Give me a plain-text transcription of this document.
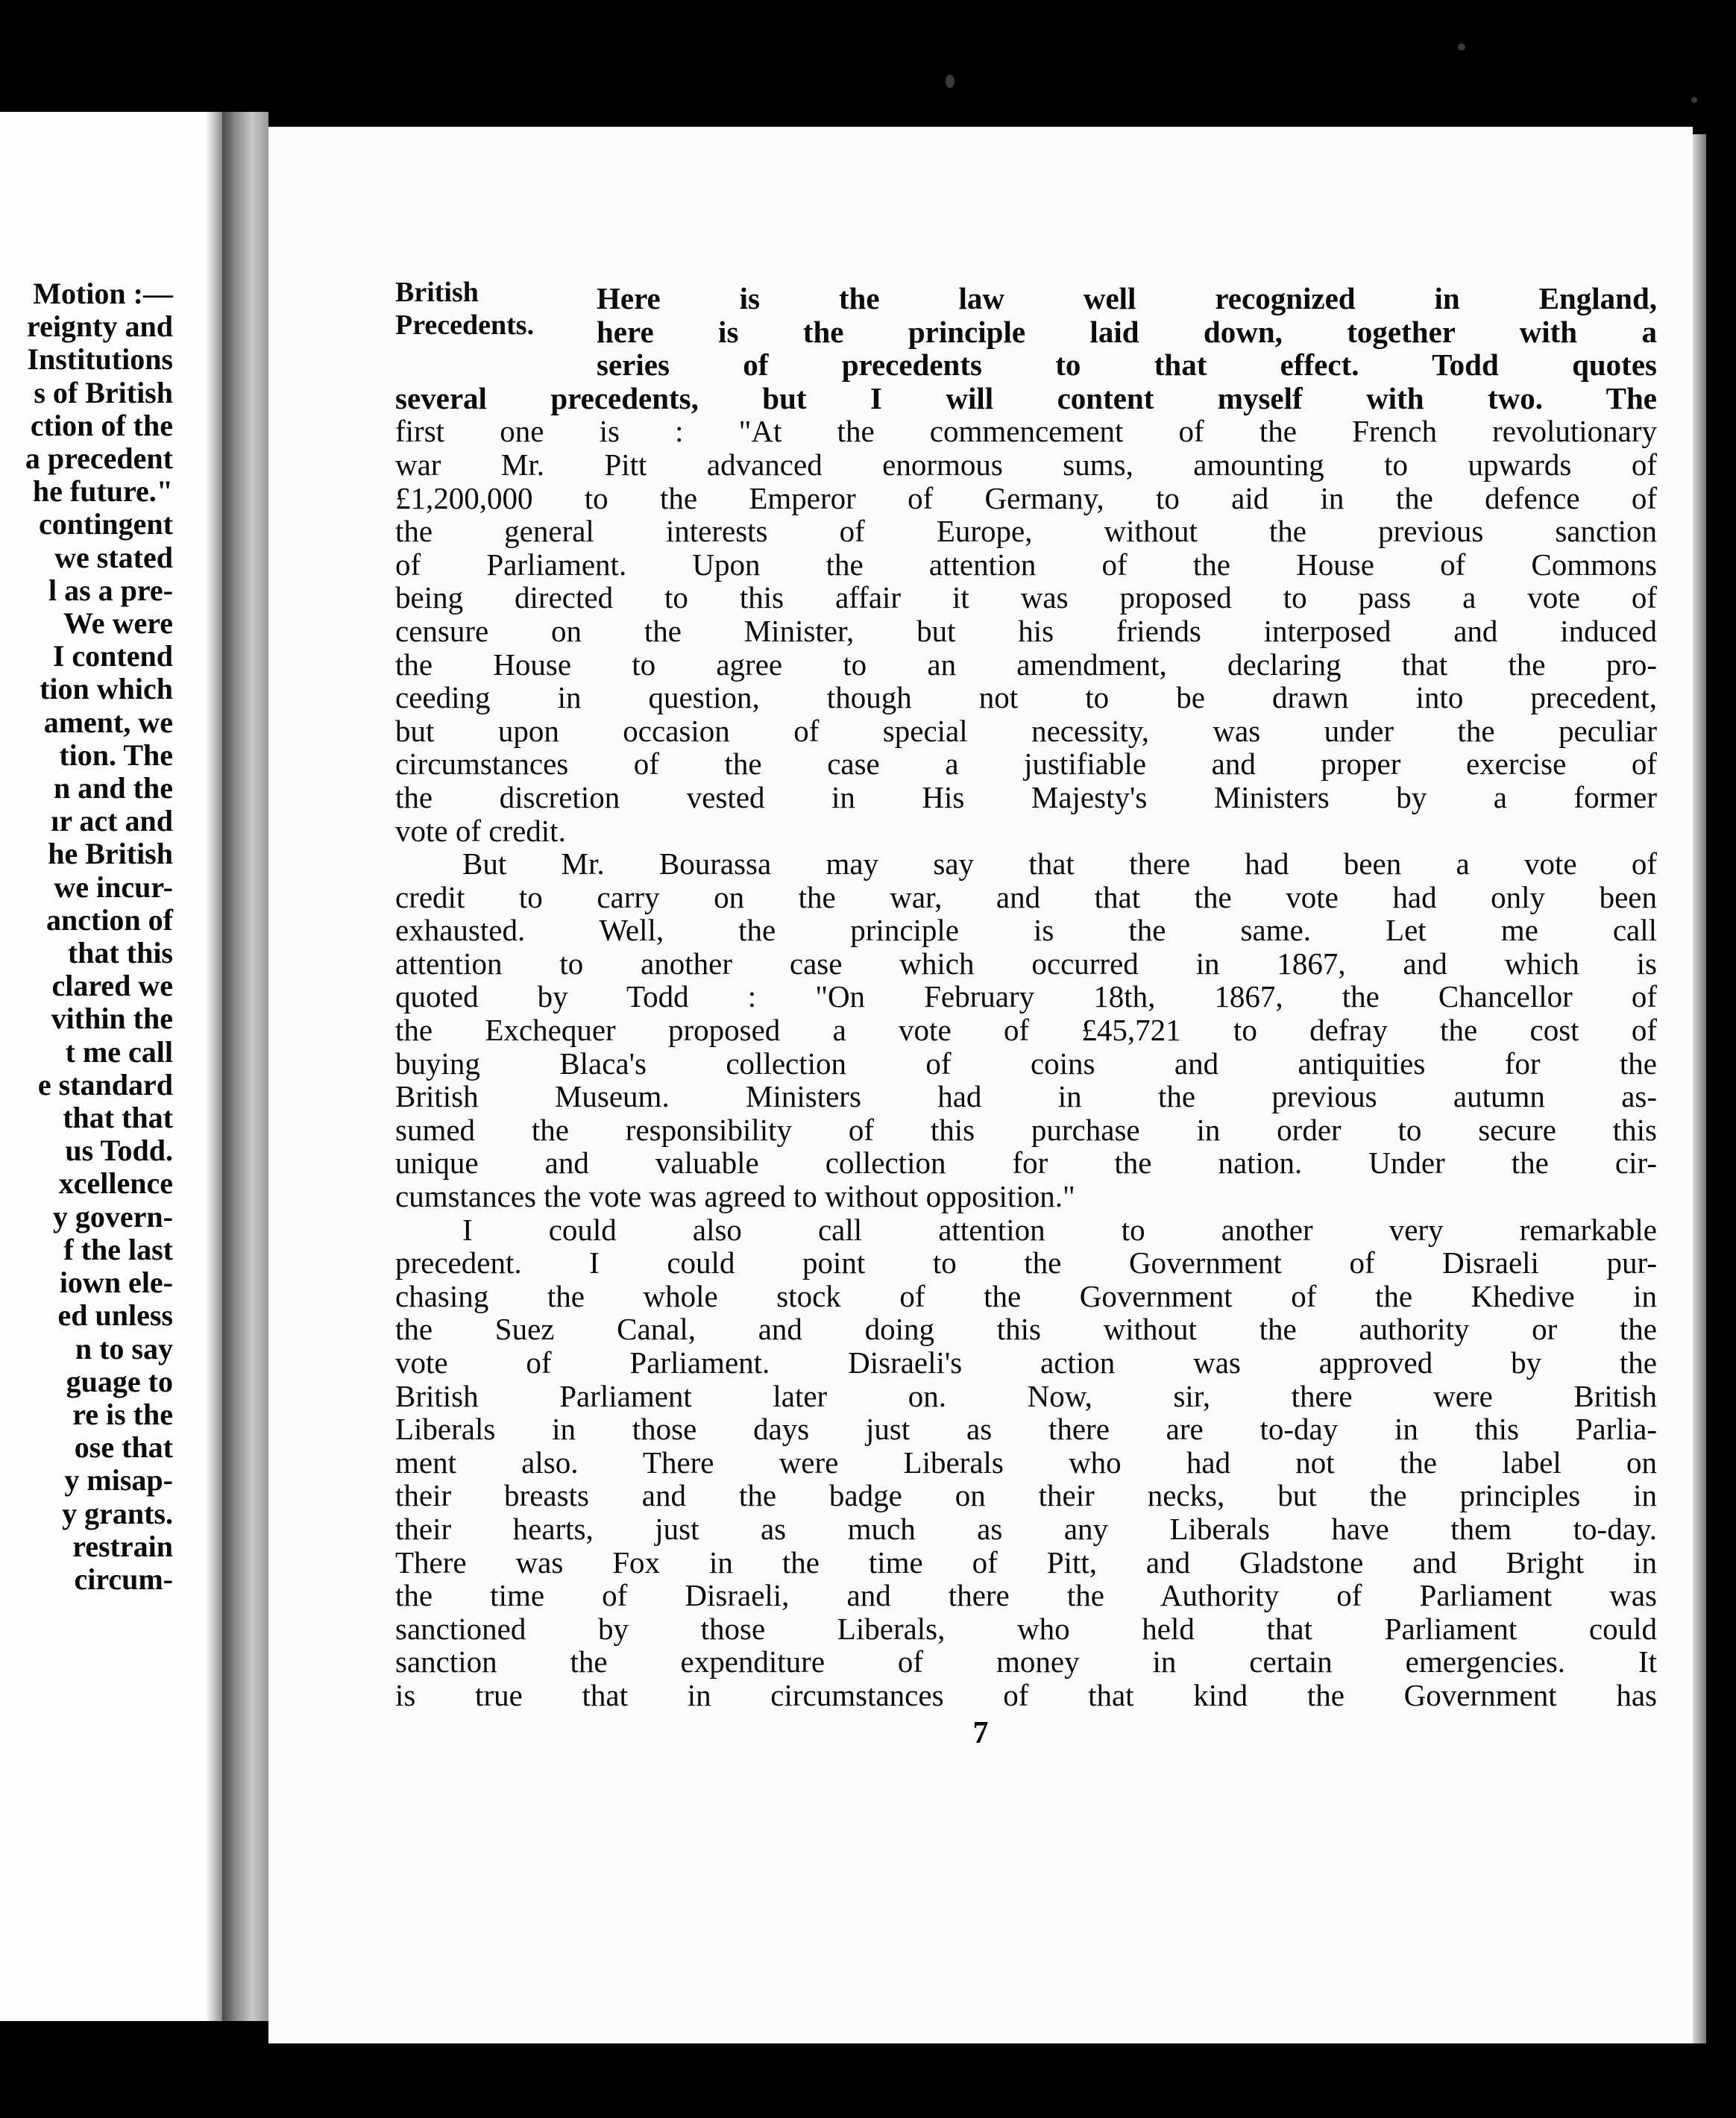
Motion :—
reignty and
Institutions
s of British
ction of the
a precedent
he future."
contingent
we stated
l as a pre-
We were
I contend
tion which
ament, we
tion. The
n and the
ır act and
he British
we incur-
anction of
that this
clared we
vithin the
t me call
e standard
that that
us Todd.
xcellence
y govern-
f the last
iown ele-
ed unless
n to say
guage to
re is the
ose that
y misap-
y grants.
restrain
circum-
British
Precedents.
Here is the law well recognized in England,
here is the principle laid down, together with a
series of precedents to that effect. Todd quotes
several precedents, but I will content myself with two. The
first one is : "At the commencement of the French revolutionary
war Mr. Pitt advanced enormous sums, amounting to upwards of
£1,200,000 to the Emperor of Germany, to aid in the defence of
the general interests of Europe, without the previous sanction
of Parliament. Upon the attention of the House of Commons
being directed to this affair it was proposed to pass a vote of
censure on the Minister, but his friends interposed and induced
the House to agree to an amendment, declaring that the pro-
ceeding in question, though not to be drawn into precedent,
but upon occasion of special necessity, was under the peculiar
circumstances of the case a justifiable and proper exercise of
the discretion vested in His Majesty's Ministers by a former
vote of credit.
But Mr. Bourassa may say that there had been a vote of
credit to carry on the war, and that the vote had only been
exhausted. Well, the principle is the same. Let me call
attention to another case which occurred in 1867, and which is
quoted by Todd : "On February 18th, 1867, the Chancellor of
the Exchequer proposed a vote of £45,721 to defray the cost of
buying Blaca's collection of coins and antiquities for the
British Museum. Ministers had in the previous autumn as-
sumed the responsibility of this purchase in order to secure this
unique and valuable collection for the nation. Under the cir-
cumstances the vote was agreed to without opposition."
I could also call attention to another very remarkable
precedent. I could point to the Government of Disraeli pur-
chasing the whole stock of the Government of the Khedive in
the Suez Canal, and doing this without the authority or the
vote of Parliament. Disraeli's action was approved by the
British Parliament later on. Now, sir, there were British
Liberals in those days just as there are to-day in this Parlia-
ment also. There were Liberals who had not the label on
their breasts and the badge on their necks, but the principles in
their hearts, just as much as any Liberals have them to-day.
There was Fox in the time of Pitt, and Gladstone and Bright in
the time of Disraeli, and there the Authority of Parliament was
sanctioned by those Liberals, who held that Parliament could
sanction the expenditure of money in certain emergencies. It
is true that in circumstances of that kind the Government has
7
